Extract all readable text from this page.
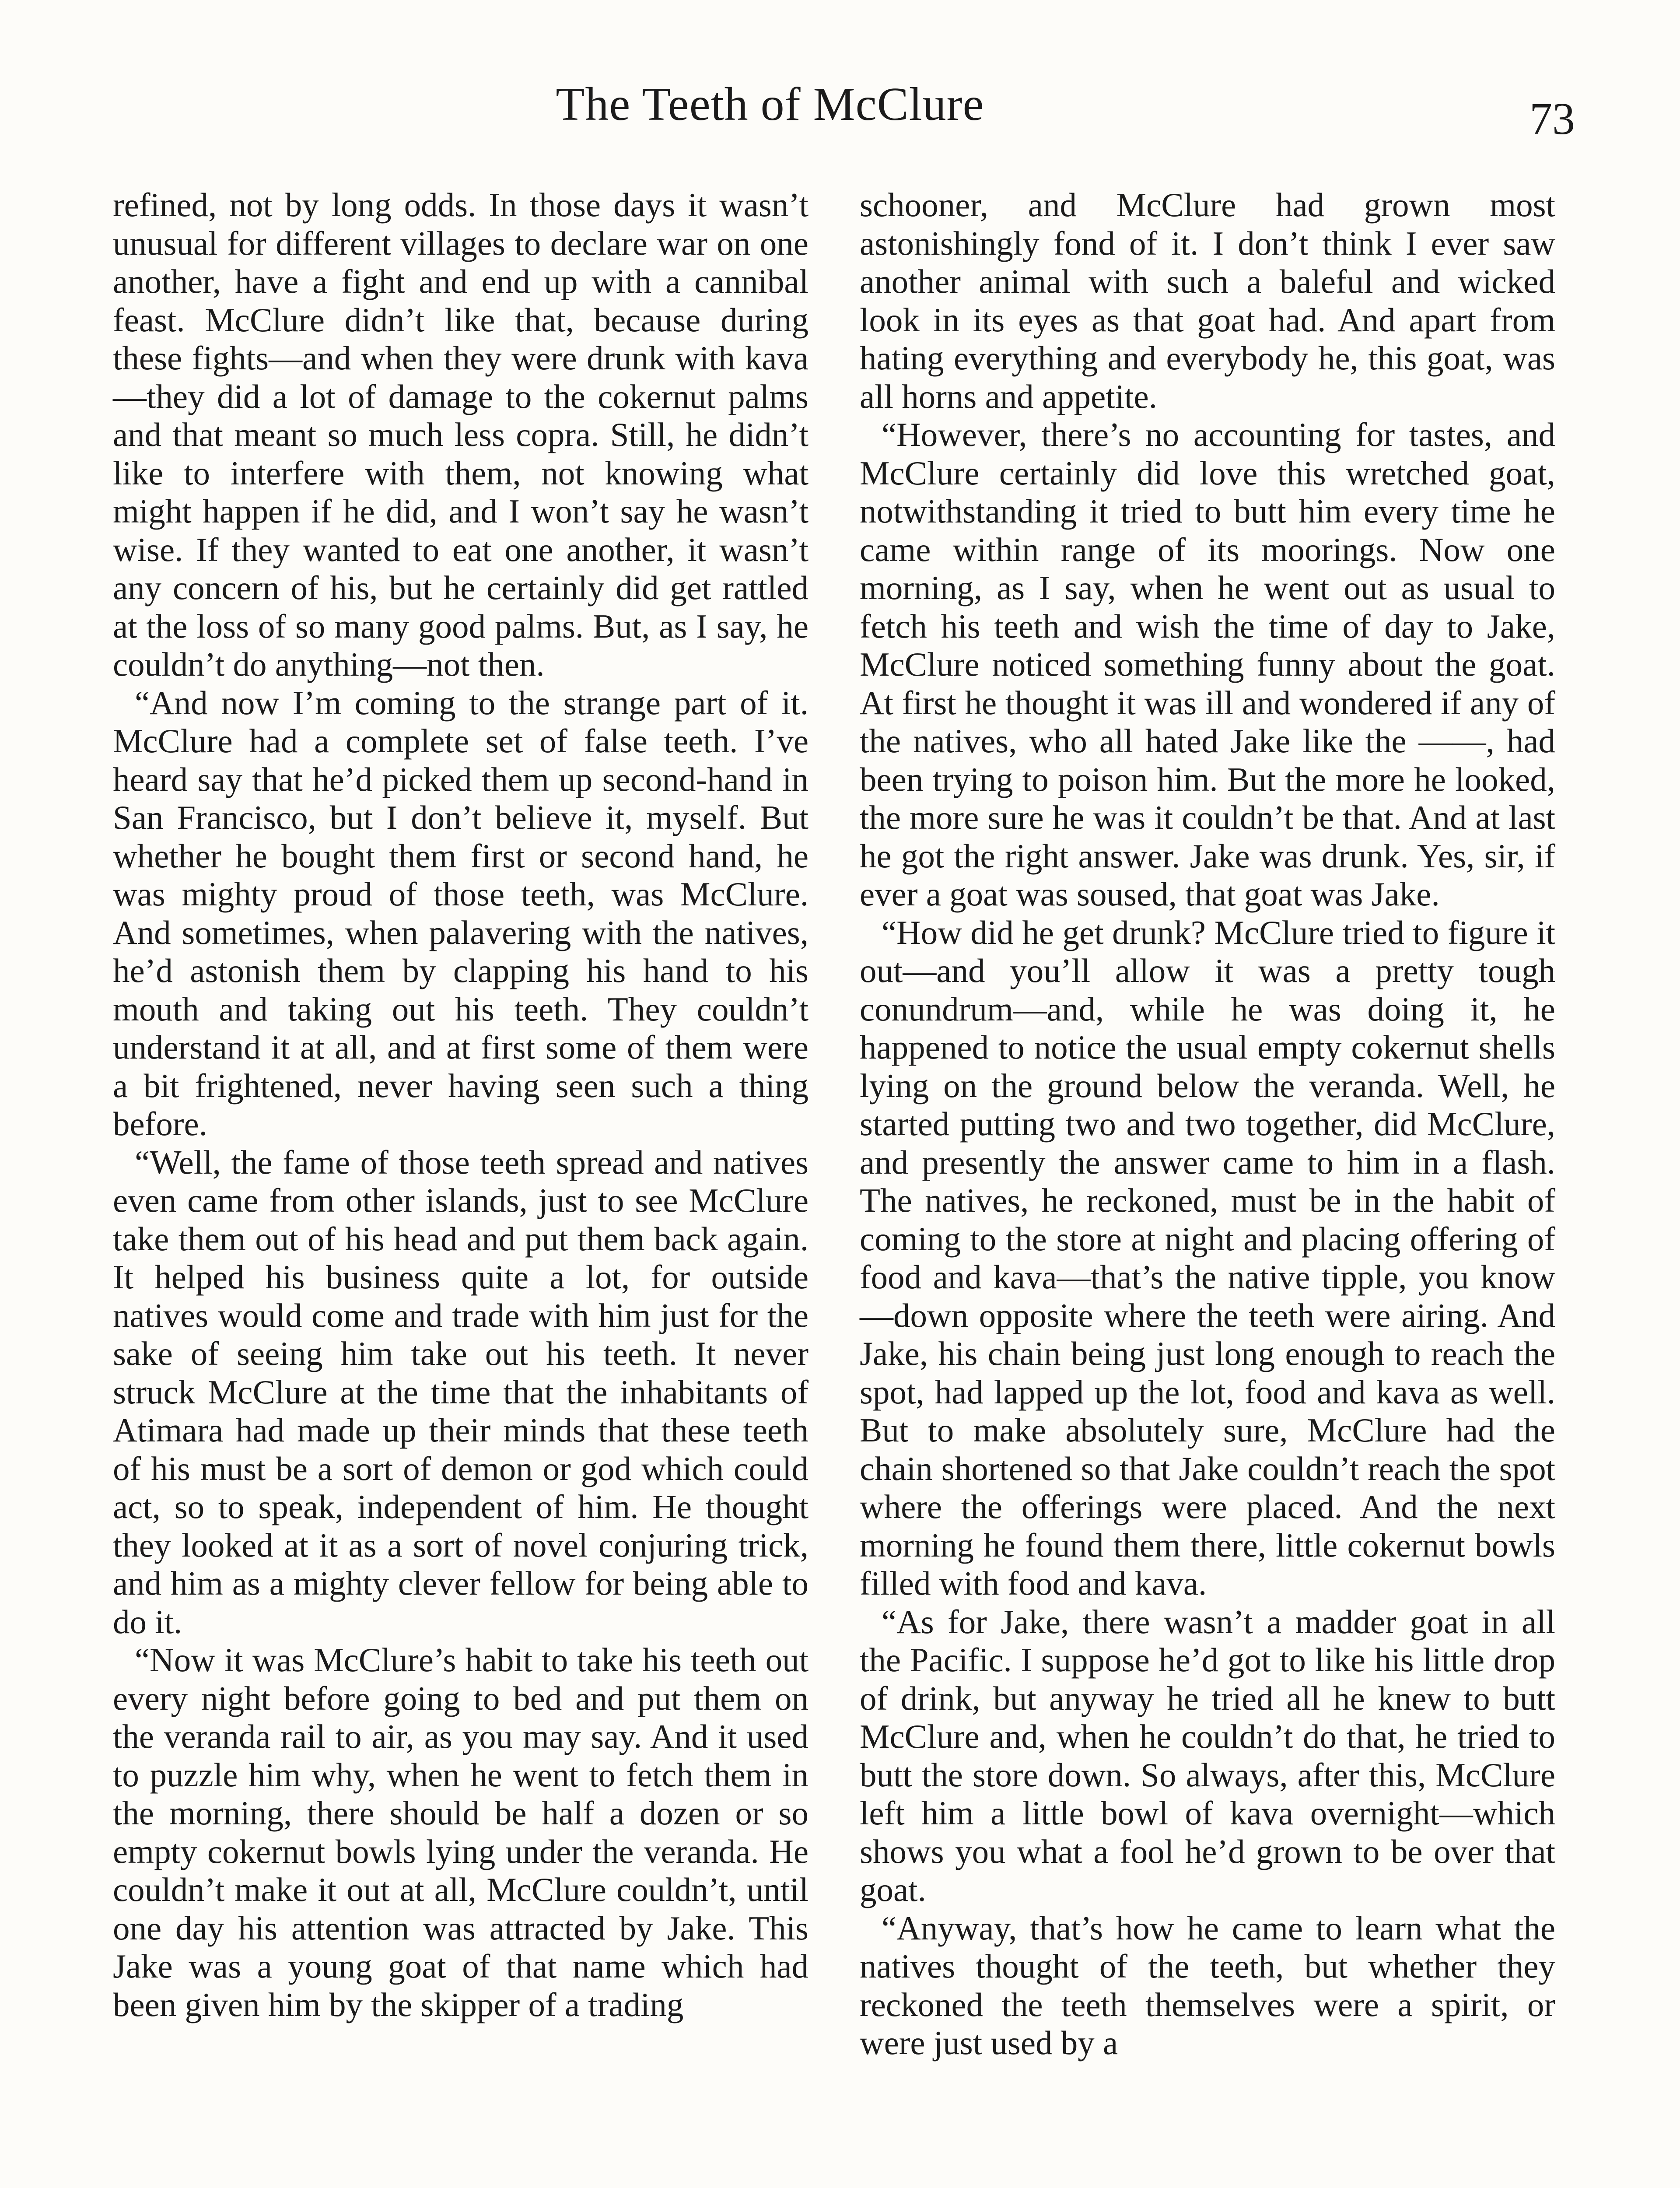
The Teeth of McClure	73

refined, not by long odds. In those days it wasn’t unusual for different villages to declare war on one another, have a fight and end up with a cannibal feast. McClure didn’t like that, because during these fights—and when they were drunk with kava—they did a lot of damage to the cokernut palms and that meant so much less copra. Still, he didn’t like to interfere with them, not knowing what might happen if he did, and I won’t say he wasn’t wise. If they wanted to eat one another, it wasn’t any concern of his, but he certainly did get rattled at the loss of so many good palms. But, as I say, he couldn’t do anything—not then.

“And now I’m coming to the strange part of it. McClure had a complete set of false teeth. I’ve heard say that he’d picked them up second-hand in San Francisco, but I don’t believe it, myself. But whether he bought them first or second hand, he was mighty proud of those teeth, was McClure. And sometimes, when palavering with the natives, he’d astonish them by clapping his hand to his mouth and taking out his teeth. They couldn’t understand it at all, and at first some of them were a bit frightened, never having seen such a thing before.

“Well, the fame of those teeth spread and natives even came from other islands, just to see McClure take them out of his head and put them back again. It helped his business quite a lot, for outside natives would come and trade with him just for the sake of seeing him take out his teeth. It never struck McClure at the time that the inhabitants of Atimara had made up their minds that these teeth of his must be a sort of demon or god which could act, so to speak, independent of him. He thought they looked at it as a sort of novel conjuring trick, and him as a mighty clever fellow for being able to do it.

“Now it was McClure’s habit to take his teeth out every night before going to bed and put them on the veranda rail to air, as you may say. And it used to puzzle him why, when he went to fetch them in the morning, there should be half a dozen or so empty cokernut bowls lying under the veranda. He couldn’t make it out at all, McClure couldn’t, until one day his attention was attracted by Jake. This Jake was a young goat of that name which had been given him by the skipper of a trading

schooner, and McClure had grown most astonishingly fond of it. I don’t think I ever saw another animal with such a baleful and wicked look in its eyes as that goat had. And apart from hating everything and everybody he, this goat, was all horns and appetite.

“However, there’s no accounting for tastes, and McClure certainly did love this wretched goat, notwithstanding it tried to butt him every time he came within range of its moorings. Now one morning, as I say, when he went out as usual to fetch his teeth and wish the time of day to Jake, McClure noticed something funny about the goat. At first he thought it was ill and wondered if any of the natives, who all hated Jake like the ——, had been trying to poison him. But the more he looked, the more sure he was it couldn’t be that. And at last he got the right answer. Jake was drunk. Yes, sir, if ever a goat was soused, that goat was Jake.

“How did he get drunk? McClure tried to figure it out—and you’ll allow it was a pretty tough conundrum—and, while he was doing it, he happened to notice the usual empty cokernut shells lying on the ground below the veranda. Well, he started putting two and two together, did McClure, and presently the answer came to him in a flash. The natives, he reckoned, must be in the habit of coming to the store at night and placing offering of food and kava—that’s the native tipple, you know—down opposite where the teeth were airing. And Jake, his chain being just long enough to reach the spot, had lapped up the lot, food and kava as well. But to make absolutely sure, McClure had the chain shortened so that Jake couldn’t reach the spot where the offerings were placed. And the next morning he found them there, little cokernut bowls filled with food and kava.

“As for Jake, there wasn’t a madder goat in all the Pacific. I suppose he’d got to like his little drop of drink, but anyway he tried all he knew to butt McClure and, when he couldn’t do that, he tried to butt the store down. So always, after this, McClure left him a little bowl of kava overnight—which shows you what a fool he’d grown to be over that goat.

“Anyway, that’s how he came to learn what the natives thought of the teeth, but whether they reckoned the teeth themselves were a spirit, or were just used by a
